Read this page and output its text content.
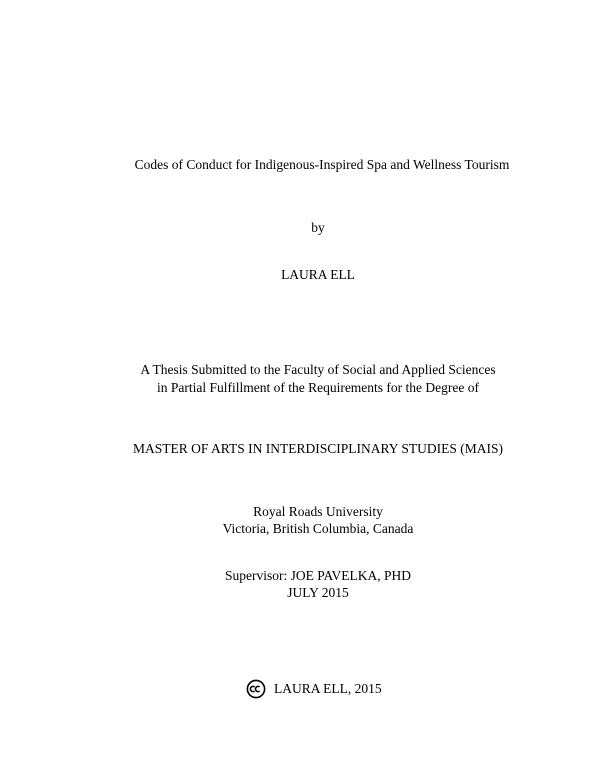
Codes of Conduct for Indigenous-Inspired Spa and Wellness Tourism
by
LAURA ELL
A Thesis Submitted to the Faculty of Social and Applied Sciences
in Partial Fulfillment of the Requirements for the Degree of
MASTER OF ARTS IN INTERDISCIPLINARY STUDIES (MAIS)
Royal Roads University
Victoria, British Columbia, Canada
Supervisor: JOE PAVELKA, PHD
JULY 2015
LAURA ELL, 2015
